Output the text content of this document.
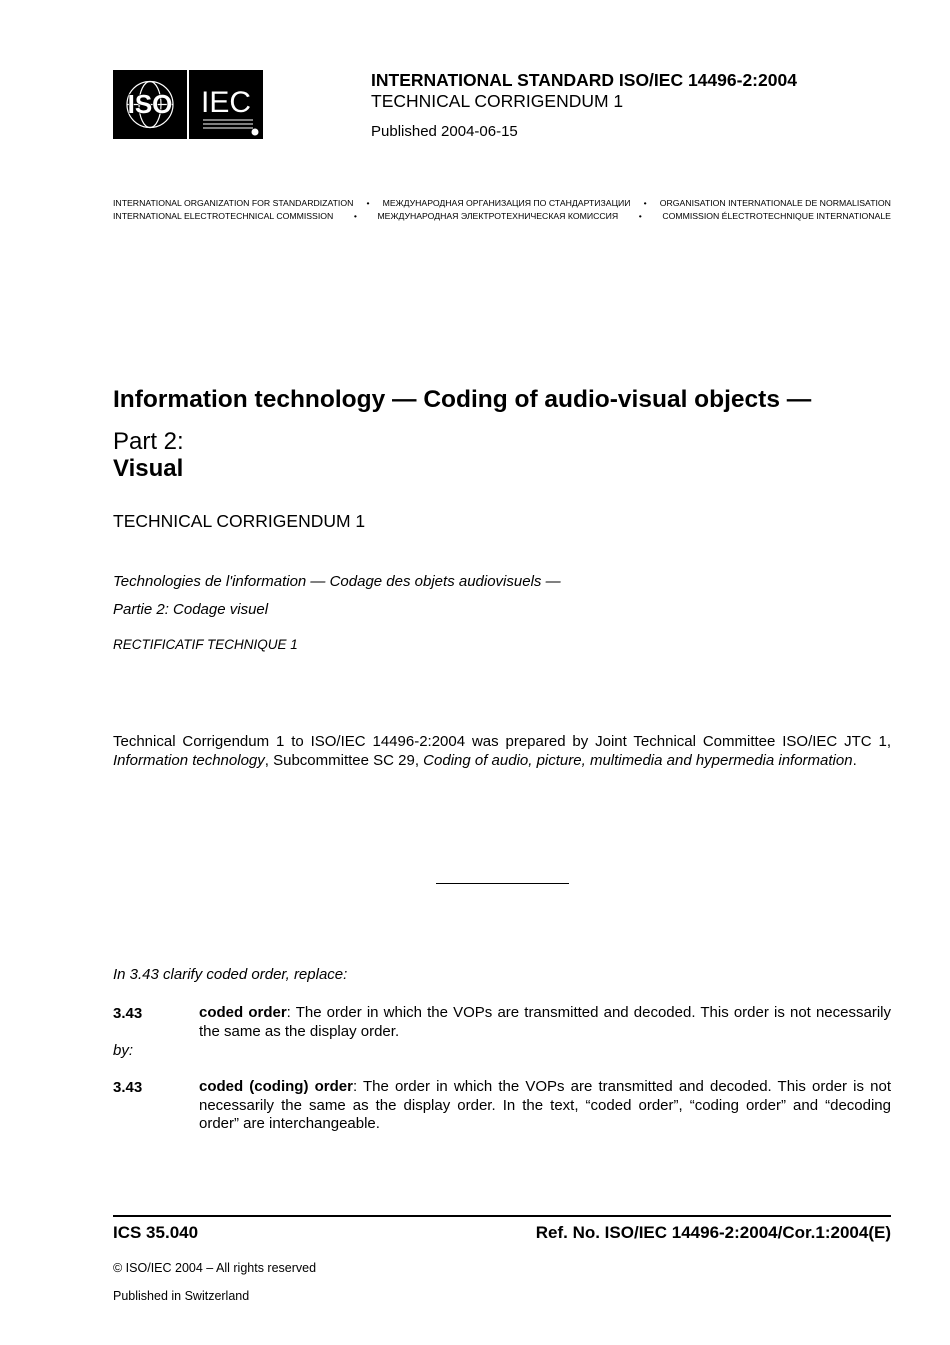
ISO IEC
INTERNATIONAL STANDARD ISO/IEC 14496-2:2004
TECHNICAL CORRIGENDUM 1
Published 2004-06-15
INTERNATIONAL ORGANIZATION FOR STANDARDIZATION • МЕЖДУНАРОДНАЯ ОРГАНИЗАЦИЯ ПО СТАНДАРТИЗАЦИИ • ORGANISATION INTERNATIONALE DE NORMALISATION
INTERNATIONAL ELECTROTECHNICAL COMMISSION • МЕЖДУНАРОДНАЯ ЭЛЕКТРОТЕХНИЧЕСКАЯ КОМИССИЯ • COMMISSION ÉLECTROTECHNIQUE INTERNATIONALE
Information technology — Coding of audio-visual objects —
Part 2:
Visual
TECHNICAL CORRIGENDUM 1
Technologies de l'information — Codage des objets audiovisuels —
Partie 2: Codage visuel
RECTIFICATIF TECHNIQUE 1
Technical Corrigendum 1 to ISO/IEC 14496-2:2004 was prepared by Joint Technical Committee ISO/IEC JTC 1, Information technology, Subcommittee SC 29, Coding of audio, picture, multimedia and hypermedia information.
In 3.43 clarify coded order, replace:
3.43	coded order: The order in which the VOPs are transmitted and decoded. This order is not necessarily the same as the display order.
by:
3.43	coded (coding) order: The order in which the VOPs are transmitted and decoded. This order is not necessarily the same as the display order. In the text, “coded order”, “coding order” and “decoding order” are interchangeable.
ICS 35.040	Ref. No. ISO/IEC 14496-2:2004/Cor.1:2004(E)
© ISO/IEC 2004 – All rights reserved
Published in Switzerland
